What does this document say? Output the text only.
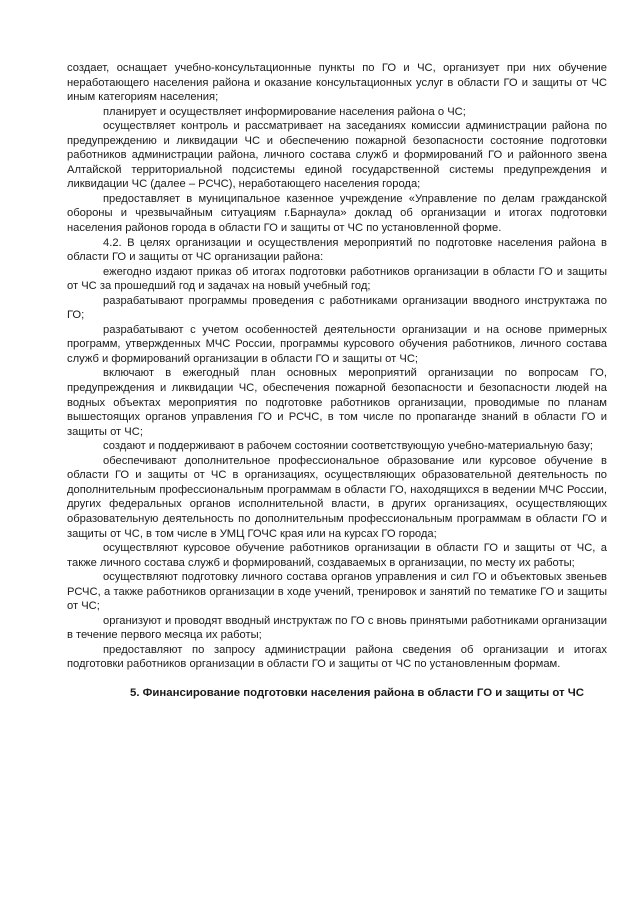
создает, оснащает учебно-консультационные пункты по ГО и ЧС, организует при них обучение неработающего населения района и оказание консультационных услуг в области ГО и защиты от ЧС иным категориям населения;

планирует и осуществляет информирование населения района о ЧС;

осуществляет контроль и рассматривает на заседаниях комиссии администрации района по предупреждению и ликвидации ЧС и обеспечению пожарной безопасности состояние подготовки работников администрации района, личного состава служб и формирований ГО и районного звена Алтайской территориальной подсистемы единой государственной системы предупреждения и ликвидации ЧС (далее – РСЧС), неработающего населения города;

предоставляет в муниципальное казенное учреждение «Управление по делам гражданской обороны и чрезвычайным ситуациям г.Барнаула» доклад об организации и итогах подготовки населения районов города в области ГО и защиты от ЧС по установленной форме.

4.2. В целях организации и осуществления мероприятий по подготовке населения района в области ГО и защиты от ЧС организации района:

ежегодно издают приказ об итогах подготовки работников организации в области ГО и защиты от ЧС за прошедший год и задачах на новый учебный год;

разрабатывают программы проведения с работниками организации вводного инструктажа по ГО;

разрабатывают с учетом особенностей деятельности организации и на основе примерных программ, утвержденных МЧС России, программы курсового обучения работников, личного состава служб и формирований организации в области ГО и защиты от ЧС;

включают в ежегодный план основных мероприятий организации по вопросам ГО, предупреждения и ликвидации ЧС, обеспечения пожарной безопасности и безопасности людей на водных объектах мероприятия по подготовке работников организации, проводимые по планам вышестоящих органов управления ГО и РСЧС, в том числе по пропаганде знаний в области ГО и защиты от ЧС;

создают и поддерживают в рабочем состоянии соответствующую учебно-материальную базу;

обеспечивают дополнительное профессиональное образование или курсовое обучение в области ГО и защиты от ЧС в организациях, осуществляющих образовательной деятельность по дополнительным профессиональным программам в области ГО, находящихся в ведении МЧС России, других федеральных органов исполнительной власти, в других организациях, осуществляющих образовательную деятельность по дополнительным профессиональным программам в области ГО и защиты от ЧС, в том числе в УМЦ ГОЧС края или на курсах ГО города;

осуществляют курсовое обучение работников организации в области ГО и защиты от ЧС, а также личного состава служб и формирований, создаваемых в организации, по месту их работы;

осуществляют подготовку личного состава органов управления и сил ГО и объектовых звеньев РСЧС, а также работников организации в ходе учений, тренировок и занятий по тематике ГО и защиты от ЧС;

организуют и проводят вводный инструктаж по ГО с вновь принятыми работниками организации в течение первого месяца их работы;

предоставляют по запросу администрации района сведения об организации и итогах подготовки работников организации в области ГО и защиты от ЧС по установленным формам.

5. Финансирование подготовки населения района в области ГО и защиты от ЧС
